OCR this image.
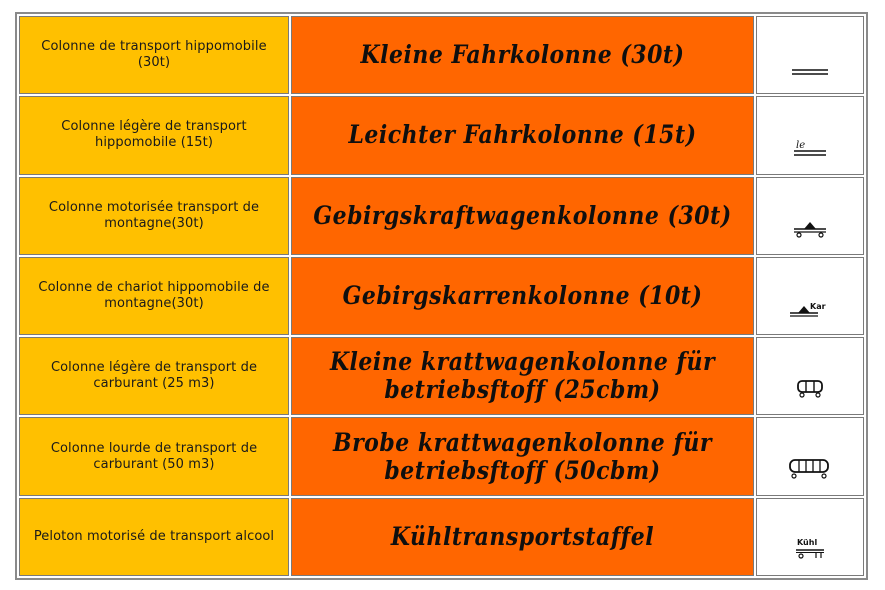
Colonne de transport hippomobile (30t)	Kleine Fahrkolonne (30t)	
Colonne légère de transport hippomobile (15t)	Leichter Fahrkolonne (15t)	le

Colonne motorisée transport de montagne(30t)	Gebirgskraftwagenkolonne (30t)	
Colonne de chariot hippomobile de montagne(30t)	Gebirgskarrenkolonne (10t)	Kar

Colonne légère de transport de carburant (25 m3)	Kleine krattwagenkolonne für betriebsftoff (25cbm)	
Colonne lourde de transport de carburant (50 m3)	Brobe krattwagenkolonne für betriebsftoff (50cbm)	
Peloton motorisé de transport alcool	Kühltransportstaffel	Kühl
